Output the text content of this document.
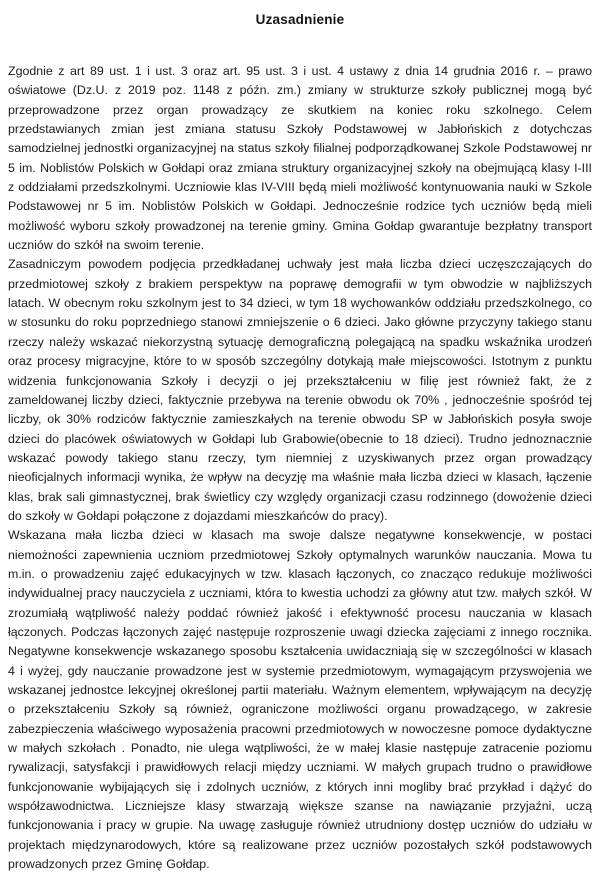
Uzasadnienie

Zgodnie z art 89 ust. 1 i ust. 3 oraz art. 95 ust. 3 i ust. 4 ustawy z dnia 14 grudnia 2016 r. – prawo oświatowe (Dz.U. z 2019 poz. 1148 z późn. zm.) zmiany w strukturze szkoły publicznej mogą być przeprowadzone przez organ prowadzący ze skutkiem na koniec roku szkolnego. Celem przedstawianych zmian jest zmiana statusu Szkoły Podstawowej w Jabłońskich z dotychczas samodzielnej jednostki organizacyjnej na status szkoły filialnej podporządkowanej Szkole Podstawowej nr 5 im. Noblistów Polskich w Gołdapi oraz zmiana struktury organizacyjnej szkoły na obejmującą klasy I-III z oddziałami przedszkolnymi. Uczniowie klas IV-VIII będą mieli możliwość kontynuowania nauki w Szkole Podstawowej nr 5 im. Noblistów Polskich w Gołdapi. Jednocześnie rodzice tych uczniów będą mieli możliwość wyboru szkoły prowadzonej na terenie gminy. Gmina Gołdap gwarantuje bezpłatny transport uczniów do szkół na swoim terenie.

Zasadniczym powodem podjęcia przedkładanej uchwały jest mała liczba dzieci uczęszczających do przedmiotowej szkoły z brakiem perspektyw na poprawę demografii w tym obwodzie w najbliższych latach. W obecnym roku szkolnym jest to 34 dzieci, w tym 18 wychowanków oddziału przedszkolnego, co w stosunku do roku poprzedniego stanowi zmniejszenie o 6 dzieci. Jako główne przyczyny takiego stanu rzeczy należy wskazać niekorzystną sytuację demograficzną polegającą na spadku wskaźnika urodzeń oraz procesy migracyjne, które to w sposób szczególny dotykają małe miejscowości. Istotnym z punktu widzenia funkcjonowania Szkoły i decyzji o jej przekształceniu w filię jest również fakt, że z zameldowanej liczby dzieci, faktycznie przebywa na terenie obwodu ok 70% , jednocześnie spośród tej liczby, ok 30% rodziców faktycznie zamieszkałych na terenie obwodu SP w Jabłońskich posyła swoje dzieci do placówek oświatowych w Gołdapi lub Grabowie(obecnie to 18 dzieci). Trudno jednoznacznie wskazać powody takiego stanu rzeczy, tym niemniej z uzyskiwanych przez organ prowadzący nieoficjalnych informacji wynika, że wpływ na decyzję ma właśnie mała liczba dzieci w klasach, łączenie klas, brak sali gimnastycznej, brak świetlicy czy względy organizacji czasu rodzinnego (dowożenie dzieci do szkoły w Gołdapi połączone z dojazdami mieszkańców do pracy).

Wskazana mała liczba dzieci w klasach ma swoje dalsze negatywne konsekwencje, w postaci niemożności zapewnienia uczniom przedmiotowej Szkoły optymalnych warunków nauczania. Mowa tu m.in. o prowadzeniu zajęć edukacyjnych w tzw. klasach łączonych, co znacząco redukuje możliwości indywidualnej pracy nauczyciela z uczniami, która to kwestia uchodzi za główny atut tzw. małych szkół. W zrozumiałą wątpliwość należy poddać również jakość i efektywność procesu nauczania w klasach łączonych. Podczas łączonych zajęć następuje rozproszenie uwagi dziecka zajęciami z innego rocznika. Negatywne konsekwencje wskazanego sposobu kształcenia uwidaczniają się w szczególności w klasach 4 i wyżej, gdy nauczanie prowadzone jest w systemie przedmiotowym, wymagającym przyswojenia we wskazanej jednostce lekcyjnej określonej partii materiału. Ważnym elementem, wpływającym na decyzję o przekształceniu Szkoły są również, ograniczone możliwości organu prowadzącego, w zakresie zabezpieczenia właściwego wyposażenia pracowni przedmiotowych w nowoczesne pomoce dydaktyczne w małych szkołach . Ponadto, nie ulega wątpliwości, że w małej klasie następuje zatracenie poziomu rywalizacji, satysfakcji i prawidłowych relacji między uczniami. W małych grupach trudno o prawidłowe funkcjonowanie wybijających się i zdolnych uczniów, z których inni mogliby brać przykład i dążyć do współzawodnictwa. Liczniejsze klasy stwarzają większe szanse na nawiązanie przyjaźni, uczą funkcjonowania i pracy w grupie. Na uwagę zasługuje również utrudniony dostęp uczniów do udziału w projektach międzynarodowych, które są realizowane przez uczniów pozostałych szkół podstawowych prowadzonych przez Gminę Gołdap.
